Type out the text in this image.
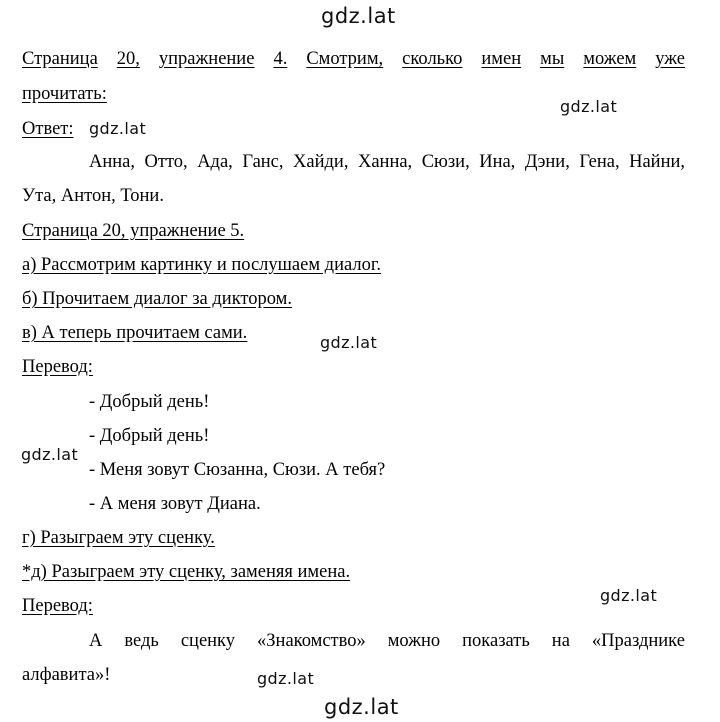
gdz.lat
gdz.lat
gdz.lat
gdz.lat
gdz.lat
gdz.lat
gdz.lat
gdz.lat
Страница 20, упражнение 4. Смотрим, сколько имен мы можем уже
прочитать:
Ответ:
Анна, Отто, Ада, Ганс, Хайди, Ханна, Сюзи, Ина, Дэни, Гена, Найни,
Ута, Антон, Тони.
Страница 20, упражнение 5.
а) Рассмотрим картинку и послушаем диалог.
б) Прочитаем диалог за диктором.
в) А теперь прочитаем сами.
Перевод:
- Добрый день!
- Добрый день!
- Меня зовут Сюзанна, Сюзи. А тебя?
- А меня зовут Диана.
г) Разыграем эту сценку.
*д) Разыграем эту сценку, заменяя имена.
Перевод:
А ведь сценку «Знакомство» можно показать на «Празднике
алфавита»!
